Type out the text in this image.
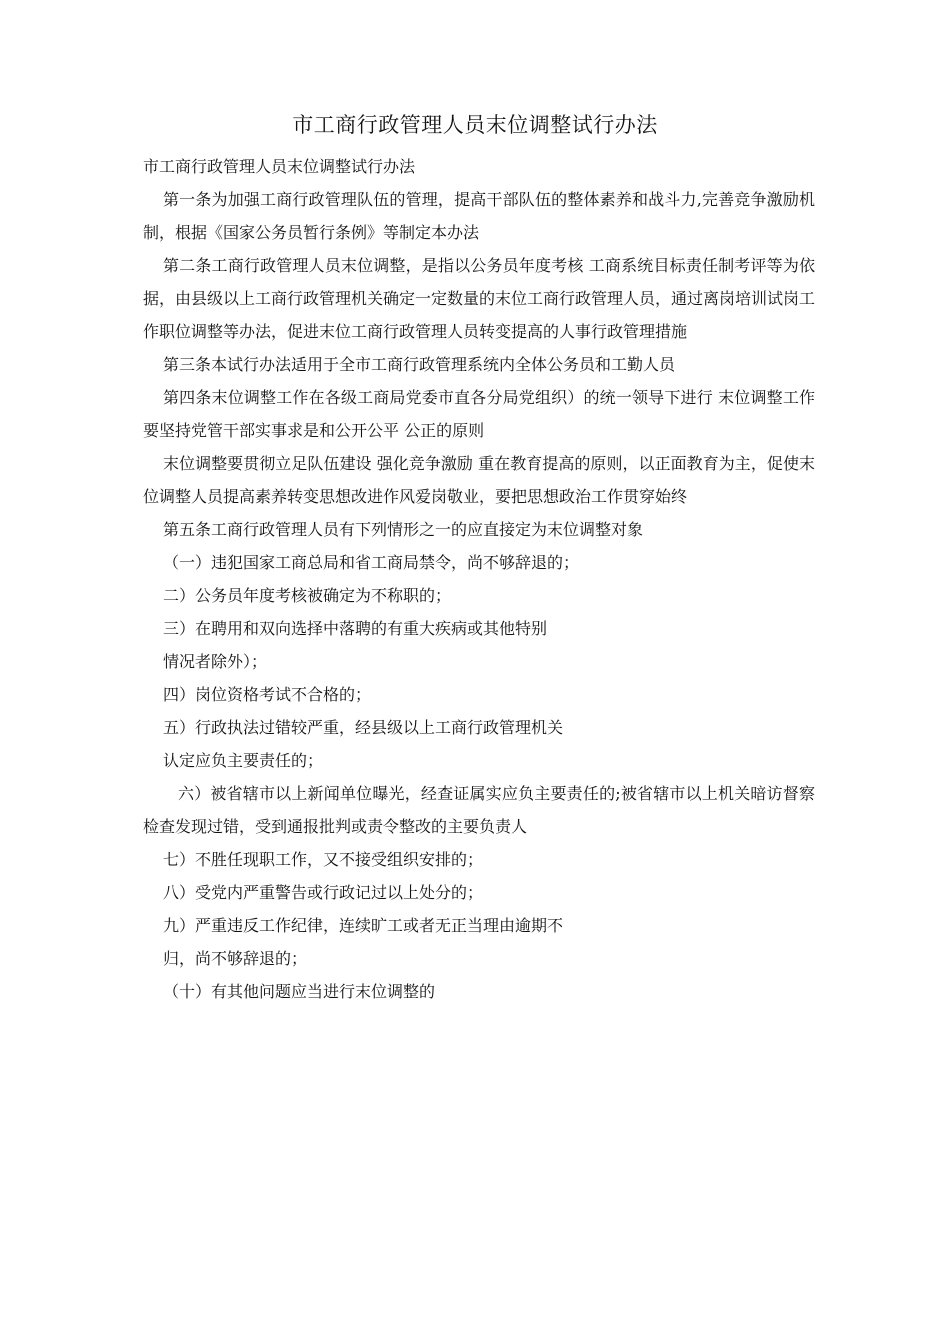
市工商行政管理人员末位调整试行办法

市工商行政管理人员末位调整试行办法

第一条为加强工商行政管理队伍的管理，提高干部队伍的整体素养和战斗力,完善竞争激励机制，根据《国家公务员暂行条例》等制定本办法

第二条工商行政管理人员末位调整，是指以公务员年度考核 工商系统目标责任制考评等为依据，由县级以上工商行政管理机关确定一定数量的末位工商行政管理人员，通过离岗培训试岗工作职位调整等办法，促进末位工商行政管理人员转变提高的人事行政管理措施

第三条本试行办法适用于全市工商行政管理系统内全体公务员和工勤人员

第四条末位调整工作在各级工商局党委市直各分局党组织）的统一领导下进行 末位调整工作要坚持党管干部实事求是和公开公平 公正的原则

末位调整要贯彻立足队伍建设 强化竞争激励 重在教育提高的原则，以正面教育为主，促使末位调整人员提高素养转变思想改进作风爱岗敬业，要把思想政治工作贯穿始终

第五条工商行政管理人员有下列情形之一的应直接定为末位调整对象

（一）违犯国家工商总局和省工商局禁令，尚不够辞退的；

二）公务员年度考核被确定为不称职的；

三）在聘用和双向选择中落聘的有重大疾病或其他特别

情况者除外）；

四）岗位资格考试不合格的；

五）行政执法过错较严重，经县级以上工商行政管理机关

认定应负主要责任的；

六）被省辖市以上新闻单位曝光，经查证属实应负主要责任的;被省辖市以上机关暗访督察检查发现过错，受到通报批判或责令整改的主要负责人

七）不胜任现职工作，又不接受组织安排的；

八）受党内严重警告或行政记过以上处分的；

九）严重违反工作纪律，连续旷工或者无正当理由逾期不

归，尚不够辞退的；

（十）有其他问题应当进行末位调整的
